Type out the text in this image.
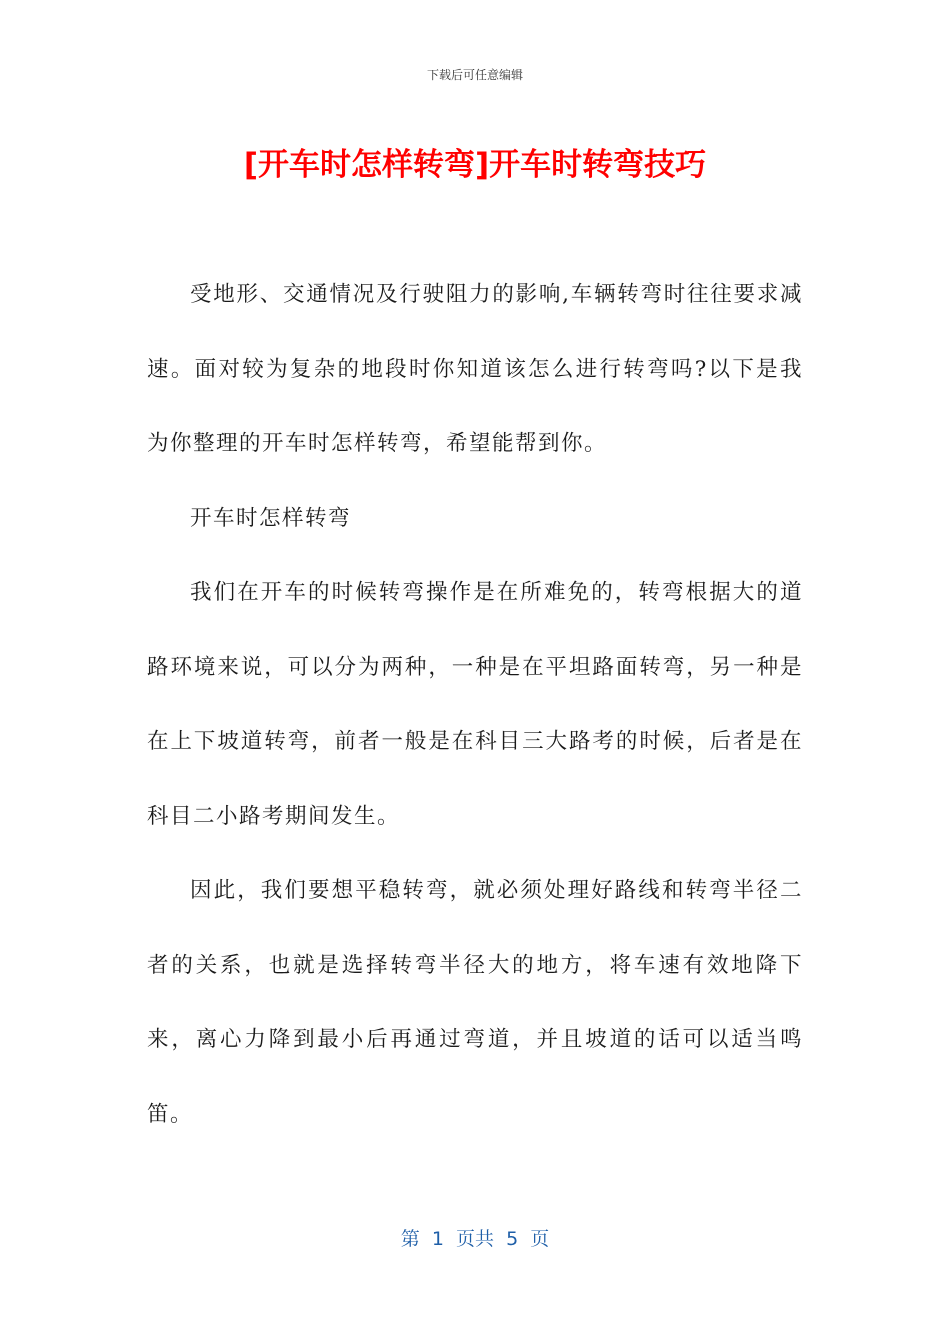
下载后可任意编辑
[开车时怎样转弯]开车时转弯技巧

受地形、交通情况及行驶阻力的影响,车辆转弯时往往要求减速。面对较为复杂的地段时你知道该怎么进行转弯吗?以下是我为你整理的开车时怎样转弯，希望能帮到你。

开车时怎样转弯

我们在开车的时候转弯操作是在所难免的，转弯根据大的道路环境来说，可以分为两种，一种是在平坦路面转弯，另一种是在上下坡道转弯，前者一般是在科目三大路考的时候，后者是在科目二小路考期间发生。

因此，我们要想平稳转弯，就必须处理好路线和转弯半径二者的关系，也就是选择转弯半径大的地方，将车速有效地降下来，离心力降到最小后再通过弯道，并且坡道的话可以适当鸣笛。

第  1  页共  5  页
